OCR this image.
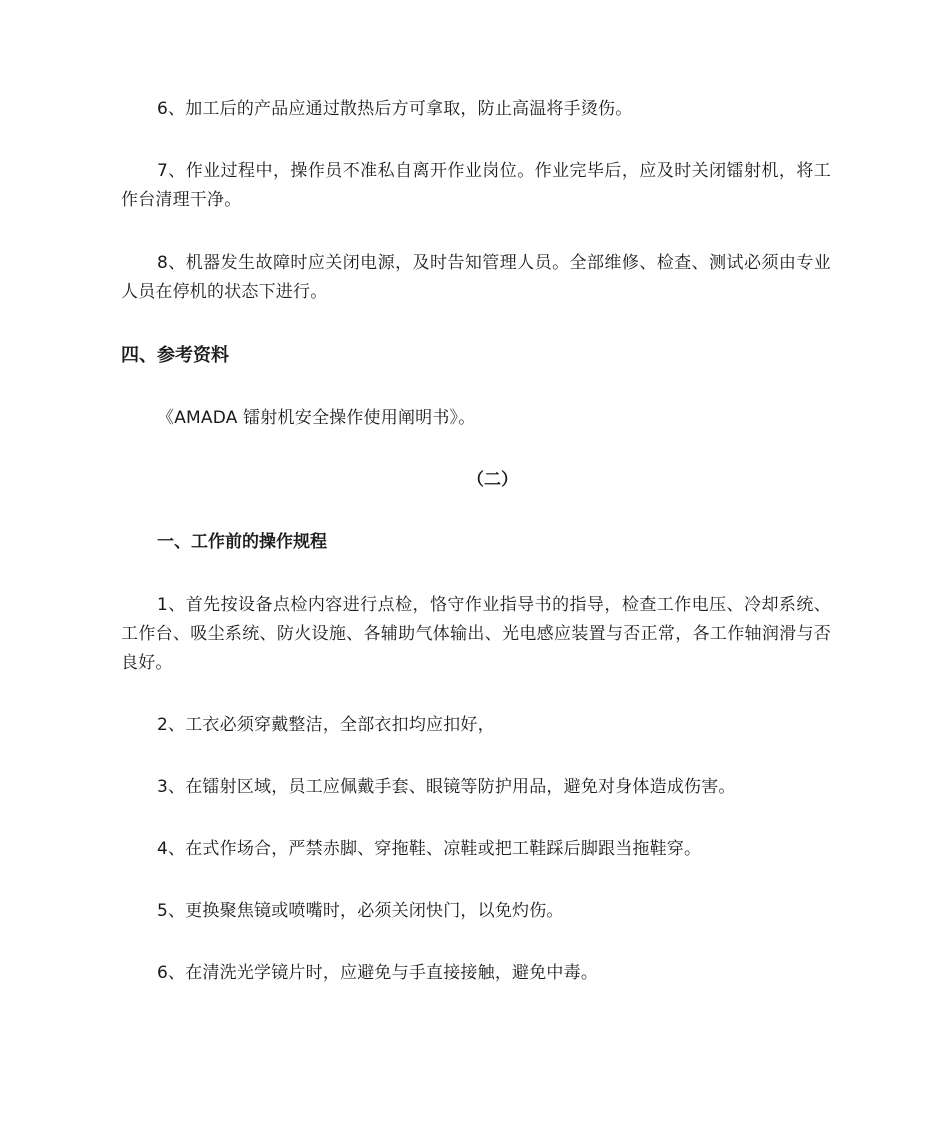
6、加工后的产品应通过散热后方可拿取，防止高温将手烫伤。

7、作业过程中，操作员不准私自离开作业岗位。作业完毕后，应及时关闭镭射机，将工作台清理干净。

8、机器发生故障时应关闭电源，及时告知管理人员。全部维修、检查、测试必须由专业人员在停机的状态下进行。

四、参考资料

《AMADA 镭射机安全操作使用阐明书》。

（二）
一、工作前的操作规程

1、首先按设备点检内容进行点检，恪守作业指导书的指导，检查工作电压、冷却系统、工作台、吸尘系统、防火设施、各辅助气体输出、光电感应装置与否正常，各工作轴润滑与否良好。

2、工衣必须穿戴整洁，全部衣扣均应扣好，

3、在镭射区域，员工应佩戴手套、眼镜等防护用品，避免对身体造成伤害。

4、在式作场合，严禁赤脚、穿拖鞋、凉鞋或把工鞋踩后脚跟当拖鞋穿。

5、更换聚焦镜或喷嘴时，必须关闭快门，以免灼伤。

6、在清洗光学镜片时，应避免与手直接接触，避免中毒。
